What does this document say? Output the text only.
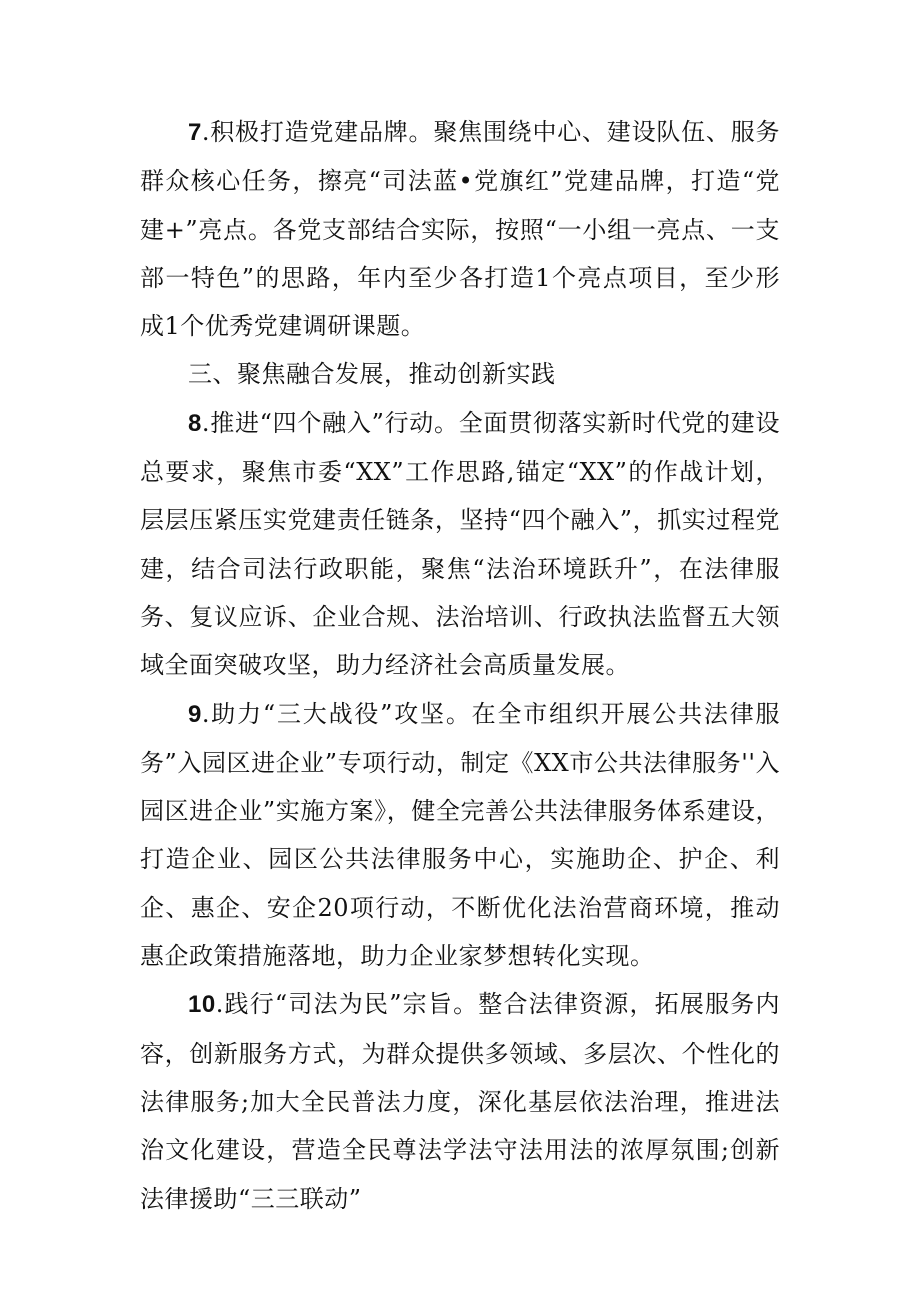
7.积极打造党建品牌。聚焦围绕中心、建设队伍、服务群众核心任务，擦亮“司法蓝•党旗红”党建品牌，打造“党建+”亮点。各党支部结合实际，按照“一小组一亮点、一支部一特色”的思路，年内至少各打造1个亮点项目，至少形成1个优秀党建调研课题。

三、聚焦融合发展，推动创新实践

8.推进“四个融入”行动。全面贯彻落实新时代党的建设总要求，聚焦市委“XX”工作思路,锚定“XX”的作战计划，层层压紧压实党建责任链条，坚持“四个融入”，抓实过程党建，结合司法行政职能，聚焦“法治环境跃升”，在法律服务、复议应诉、企业合规、法治培训、行政执法监督五大领域全面突破攻坚，助力经济社会高质量发展。

9.助力“三大战役”攻坚。在全市组织开展公共法律服务”入园区进企业”专项行动，制定《XX市公共法律服务''入园区进企业”实施方案》，健全完善公共法律服务体系建设，打造企业、园区公共法律服务中心，实施助企、护企、利企、惠企、安企20项行动，不断优化法治营商环境，推动惠企政策措施落地，助力企业家梦想转化实现。

10.践行“司法为民”宗旨。整合法律资源，拓展服务内容，创新服务方式，为群众提供多领域、多层次、个性化的法律服务;加大全民普法力度，深化基层依法治理，推进法治文化建设，营造全民尊法学法守法用法的浓厚氛围;创新法律援助“三三联动”
